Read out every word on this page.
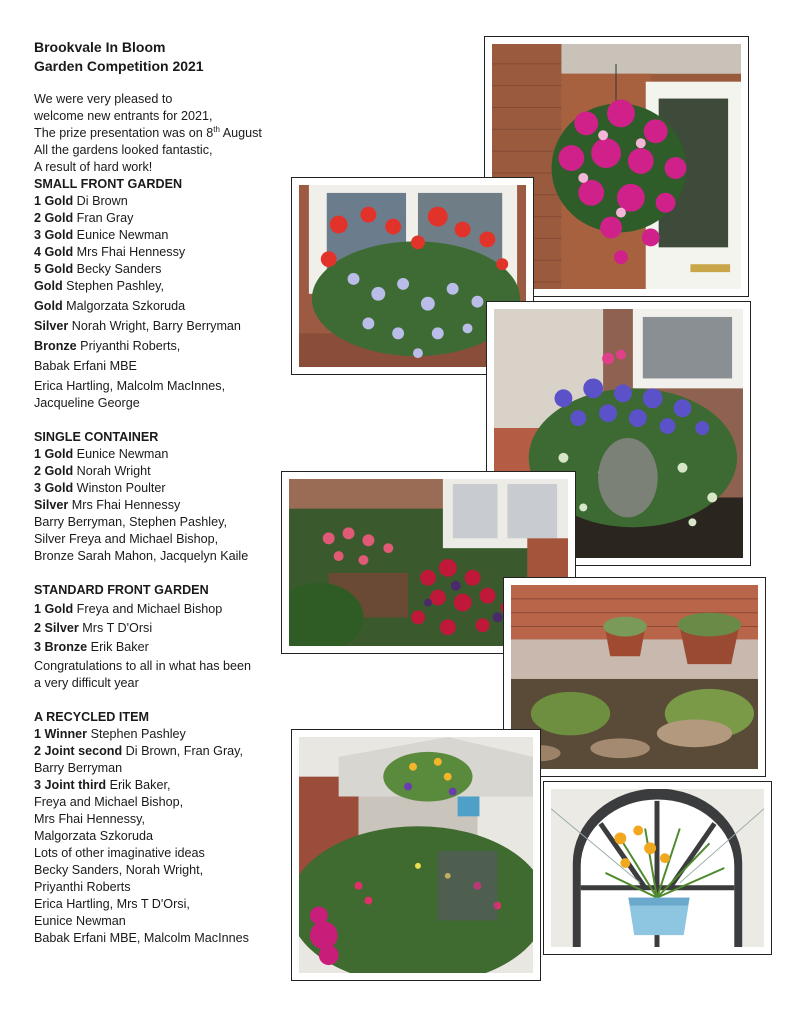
Brookvale In Bloom
Garden Competition 2021
We were very pleased to
welcome new entrants for 2021,
The prize presentation was on 8th August
All the gardens looked fantastic,
A result of hard work!
SMALL FRONT GARDEN
1 Gold Di Brown
2 Gold Fran Gray
3 Gold Eunice Newman
4 Gold Mrs Fhai Hennessy
5 Gold Becky Sanders
Gold Stephen Pashley,
Gold Malgorzata Szkoruda
Silver Norah Wright, Barry Berryman
Bronze Priyanthi Roberts,
Babak Erfani MBE
Erica Hartling, Malcolm MacInnes,
Jacqueline George
SINGLE CONTAINER
1 Gold Eunice Newman
2 Gold Norah Wright
3 Gold Winston Poulter
Silver Mrs Fhai Hennessy
Barry Berryman, Stephen Pashley,
Silver Freya and Michael Bishop,
Bronze Sarah Mahon, Jacquelyn Kaile
STANDARD FRONT GARDEN
1 Gold Freya and Michael Bishop
2 Silver Mrs T D'Orsi
3 Bronze Erik Baker
Congratulations to all in what has been
a very difficult year
A RECYCLED ITEM
1 Winner Stephen Pashley
2 Joint second Di Brown, Fran Gray,
Barry Berryman
3 Joint third Erik Baker,
Freya and Michael Bishop,
Mrs Fhai Hennessy,
Malgorzata Szkoruda
Lots of other imaginative ideas
Becky Sanders, Norah Wright,
Priyanthi Roberts
Erica Hartling, Mrs T D'Orsi,
Eunice Newman
Babak Erfani MBE, Malcolm MacInnes
